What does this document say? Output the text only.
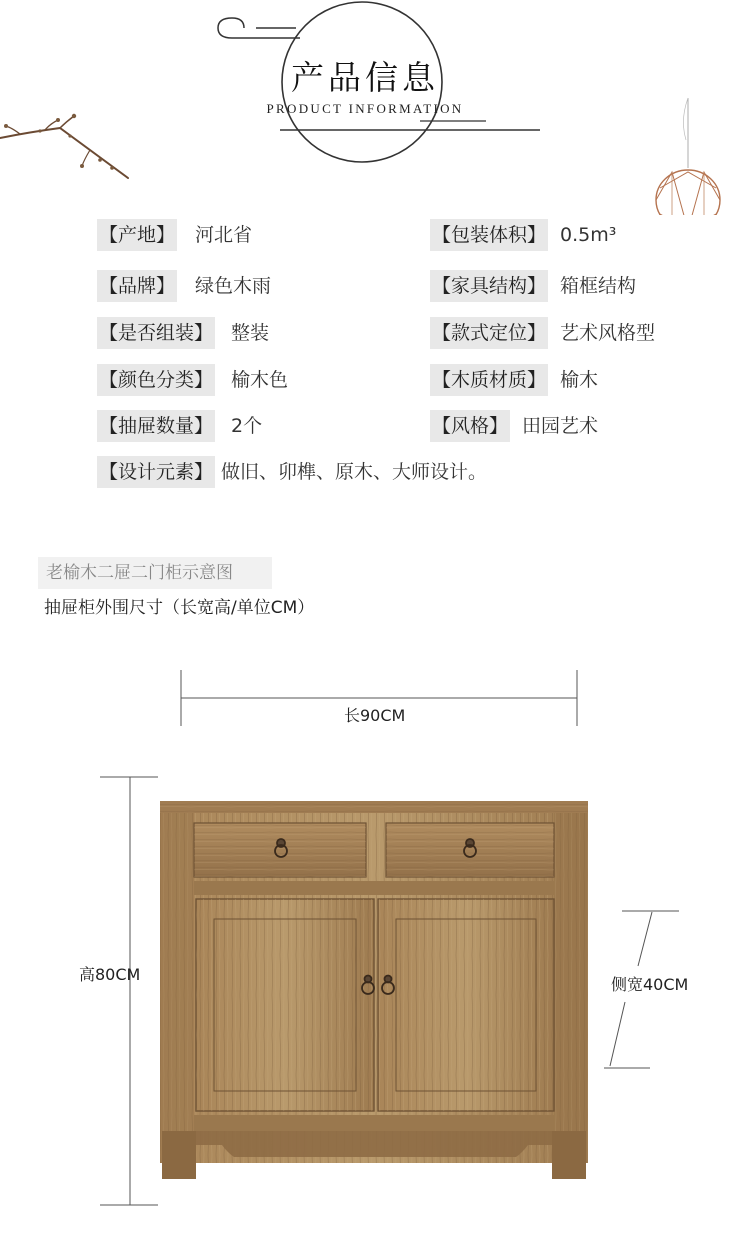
产品信息
PRODUCT INFORMATION
【产地】 河北省
【品牌】 绿色木雨
【是否组装】 整装
【颜色分类】 榆木色
【抽屉数量】 2个
【设计元素】 做旧、卯榫、原木、大师设计。
【包装体积】 0.5m³
【家具结构】 箱框结构
【款式定位】 艺术风格型
【木质材质】 榆木
【风格】 田园艺术
老榆木二屉二门柜示意图
抽屉柜外围尺寸（长宽高/单位CM）
长90CM
高80CM
侧宽40CM
